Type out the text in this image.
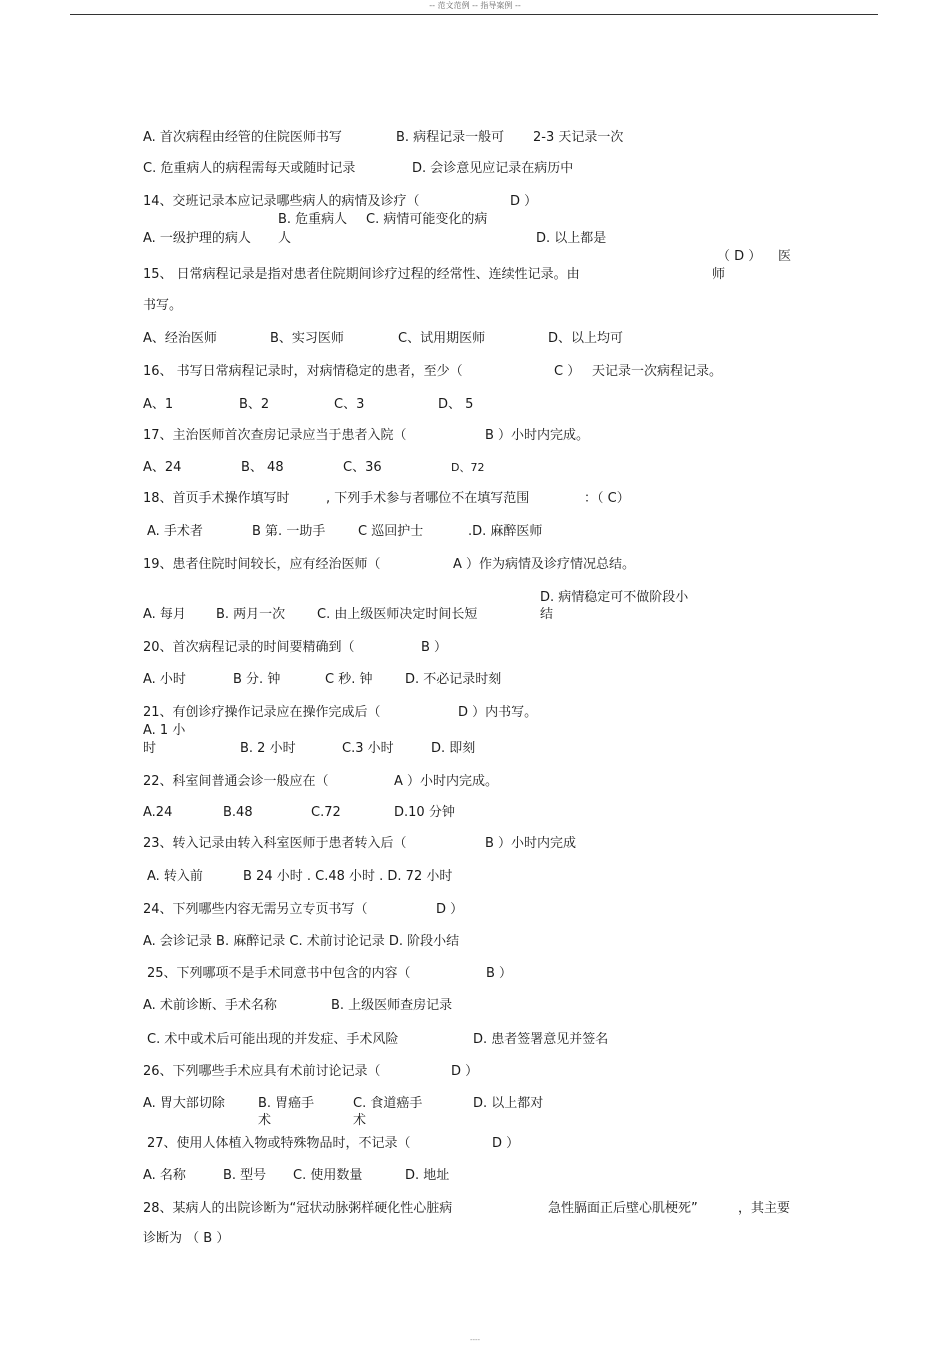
-- 范文范例 -- 指导案例 --
A. 首次病程由经管的住院医师书写	B. 病程记录一般可 2-3 天记录一次
C. 危重病人的病程需每天或随时记录	D. 会诊意见应记录在病历中
14、交班记录本应记录哪些病人的病情及诊疗（	D ）
B. 危重病人 C. 病情可能变化的病
A. 一级护理的病人 人	D. 以上都是
（ D ） 医
15、 日常病程记录是指对患者住院期间诊疗过程的经常性、连续性记录。由	师
书写。
A、经治医师	B、实习医师	C、试用期医师	D、以上均可
16、 书写日常病程记录时，对病情稳定的患者，至少（	C ） 天记录一次病程记录。
A、1	B、2	C、3	D、 5
17、主治医师首次查房记录应当于患者入院（	B ）小时内完成。
A、24	B、 48	C、36	D、72
18、首页手术操作填写时	, 下列手术参与者哪位不在填写范围	：（ C）
A. 手术者	B 第. 一助手	C 巡回护士	.D. 麻醉医师
19、患者住院时间较长，应有经治医师（	A ）作为病情及诊疗情况总结。
D. 病情稳定可不做阶段小
A. 每月 B. 两月一次 C. 由上级医师决定时间长短	结
20、首次病程记录的时间要精确到（	B ）
A. 小时	B 分. 钟	C 秒. 钟	D. 不必记录时刻
21、有创诊疗操作记录应在操作完成后（	D ）内书写。
A. 1 小
时	B. 2 小时	C.3 小时	D. 即刻
22、科室间普通会诊一般应在（	A ）小时内完成。
A.24	B.48	C.72	D.10 分钟
23、转入记录由转入科室医师于患者转入后（	B ）小时内完成
A. 转入前	B 24 小时 . C.48 小时 . D. 72 小时
24、下列哪些内容无需另立专页书写（	D ）
A. 会诊记录 B. 麻醉记录 C. 术前讨论记录 D. 阶段小结
25、下列哪项不是手术同意书中包含的内容（	B ）
A. 术前诊断、手术名称	B. 上级医师查房记录
C. 术中或术后可能出现的并发症、手术风险	D. 患者签署意见并签名
26、下列哪些手术应具有术前讨论记录（	D ）
A. 胃大部切除	B. 胃癌手	C. 食道癌手	D. 以上都对
术	术
27、使用人体植入物或特殊物品时，不记录（	D ）
A. 名称	B. 型号 C. 使用数量	D. 地址
28、某病人的出院诊断为“冠状动脉粥样硬化性心脏病	急性膈面正后壁心肌梗死”	，其主要
诊断为 （ B ）
----
